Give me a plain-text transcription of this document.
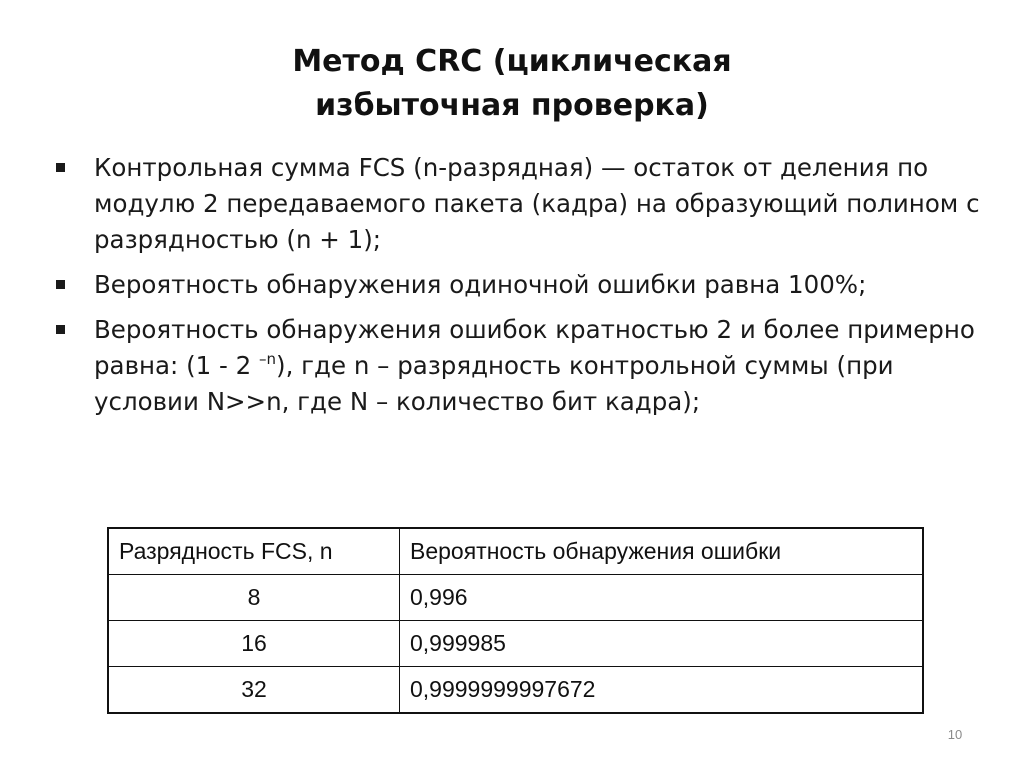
Метод CRC (циклическая
избыточная проверка)
Контрольная сумма FCS (n-разрядная) — остаток от деления по модулю 2 передаваемого пакета (кадра) на образующий полином с разрядностью (n + 1);
Вероятность обнаружения одиночной ошибки равна 100%;
Вероятность обнаружения ошибок кратностью 2 и более примерно равна: (1 - 2 $^{-n}$), где n – разрядность контрольной суммы (при условии N>>n, где N – количество бит кадра);
Разрядность FCS, n	Вероятность обнаружения ошибки
8	0,996
16	0,999985
32	0,9999999997672
10
